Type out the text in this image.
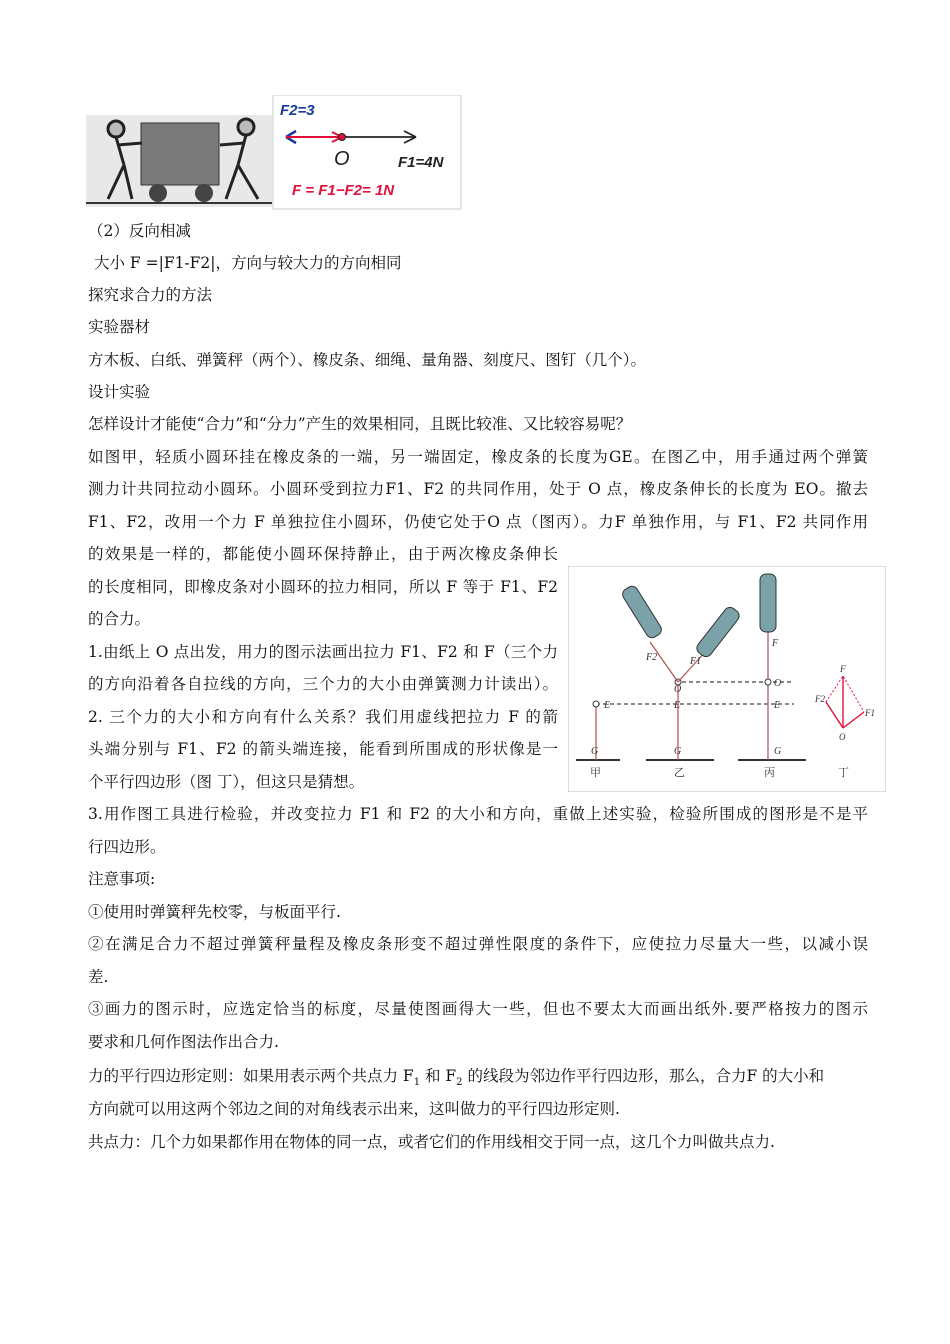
F2=3
O	F1=4N
F = F1−F2= 1N
E
G
O
E
G
F2	F1
F
O
E
G
F
F2
F1
O
甲	乙	丙	丁
（2）反向相减
大小 F =|F1-F2|，方向与较大力的方向相同
探究求合力的方法
实验器材
方木板、白纸、弹簧秤（两个）、橡皮条、细绳、量角器、刻度尺、图钉（几个）。
设计实验
怎样设计才能使“合力”和“分力”产生的效果相同，且既比较准、又比较容易呢？
如图甲，轻质小圆环挂在橡皮条的一端，另一端固定，橡皮条的长度为GE。在图乙中，用手通过两个弹簧
测力计共同拉动小圆环。小圆环受到拉力F1、F2 的共同作用，处于 O 点，橡皮条伸长的长度为 EO。撤去
F1、F2，改用一个力 F 单独拉住小圆环，仍使它处于O 点（图丙）。力F 单独作用，与 F1、F2 共同作用
的效果是一样的，都能使小圆环保持静止，由于两次橡皮条伸长
的长度相同，即橡皮条对小圆环的拉力相同，所以 F 等于 F1、F2
的合力。
1.由纸上 O 点出发，用力的图示法画出拉力 F1、F2 和 F（三个力
的方向沿着各自拉线的方向，三个力的大小由弹簧测力计读出）。
2. 三个力的大小和方向有什么关系？我们用虚线把拉力 F 的箭
头端分别与 F1、F2 的箭头端连接，能看到所围成的形状像是一
个平行四边形（图 丁），但这只是猜想。
3.用作图工具进行检验，并改变拉力 F1 和 F2 的大小和方向，重做上述实验，检验所围成的图形是不是平
行四边形。
注意事项:
①使用时弹簧秤先校零，与板面平行.
②在满足合力不超过弹簧秤量程及橡皮条形变不超过弹性限度的条件下，应使拉力尽量大一些，以减小误
差.
③画力的图示时，应选定恰当的标度，尽量使图画得大一些，但也不要太大而画出纸外.要严格按力的图示
要求和几何作图法作出合力.
力的平行四边形定则：如果用表示两个共点力 $F_1$ 和 $F_2$ 的线段为邻边作平行四边形，那么，合力F 的大小和
方向就可以用这两个邻边之间的对角线表示出来，这叫做力的平行四边形定则.
共点力：几个力如果都作用在物体的同一点，或者它们的作用线相交于同一点，这几个力叫做共点力.
